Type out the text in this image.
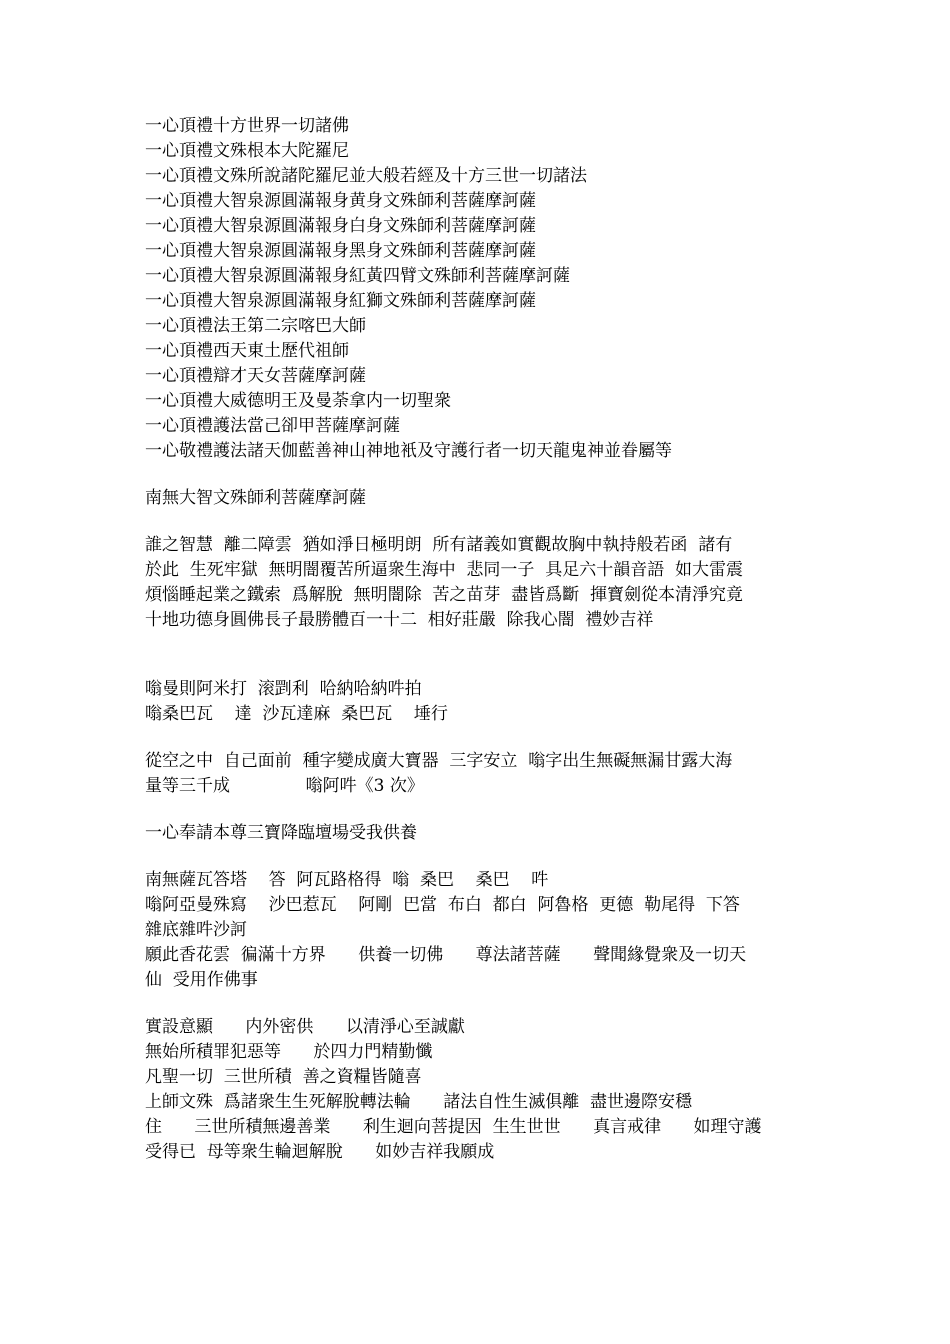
一心頂禮十方世界一切諸佛

一心頂禮文殊根本大陀羅尼

一心頂禮文殊所說諸陀羅尼並大般若經及十方三世一切諸法

一心頂禮大智泉源圓滿報身黄身文殊師利菩薩摩訶薩

一心頂禮大智泉源圓滿報身白身文殊師利菩薩摩訶薩

一心頂禮大智泉源圓滿報身黑身文殊師利菩薩摩訶薩

一心頂禮大智泉源圓滿報身紅黃四臂文殊師利菩薩摩訶薩

一心頂禮大智泉源圓滿報身紅獅文殊師利菩薩摩訶薩

一心頂禮法王第二宗喀巴大師

一心頂禮西天東土歷代祖師

一心頂禮辯才天女菩薩摩訶薩

一心頂禮大威德明王及曼荼拿内一切聖衆

一心頂禮護法當己卻甲菩薩摩訶薩

一心敬禮護法諸天伽藍善神山神地衹及守護行者一切天龍鬼神並眷屬等

南無大智文殊師利菩薩摩訶薩

誰之智慧  離二障雲  猶如淨日極明朗  所有諸義如實觀故胸中執持般若函  諸有

於此  生死牢獄  無明闇覆苦所逼衆生海中  悲同一子  具足六十韻音語  如大雷震

煩惱睡起業之鐵索  爲解脫  無明闇除  苦之苗芽  盡皆爲斷  揮寶劍從本清淨究竟

十地功德身圓佛長子最勝體百一十二  相好莊嚴  除我心闇  禮妙吉祥

嗡曼則阿米打  滚㓻利  哈納哈納吽拍

嗡桑巴瓦    達  沙瓦達麻  桑巴瓦    埵行

從空之中  自己面前  種字變成廣大寶器  三字安立  嗡字出生無礙無漏甘露大海

量等三千成              嗡阿吽《3 次》

一心奉請本尊三寶降臨壇場受我供養

南無薩瓦答塔    答  阿瓦路格得  嗡  桑巴    桑巴    吽

嗡阿亞曼殊寫    沙巴惹瓦    阿剛  巴當  布白  都白  阿魯格  更德  勒尾得  下答

雜底雜吽沙訶

願此香花雲  徧滿十方界      供養一切佛      尊法諸菩薩      聲聞緣覺衆及一切天

仙  受用作佛事

實設意顯      内外密供      以清淨心至誠獻

無始所積罪犯惡等      於四力門精勤懺

凡聖一切  三世所積  善之資糧皆隨喜

上師文殊  爲諸衆生生死解脫轉法輪      諸法自性生滅俱離  盡世邊際安穩

住      三世所積無邊善業      利生迴向菩提因  生生世世      真言戒律      如理守護

受得已  母等衆生輪迴解脫      如妙吉祥我願成
